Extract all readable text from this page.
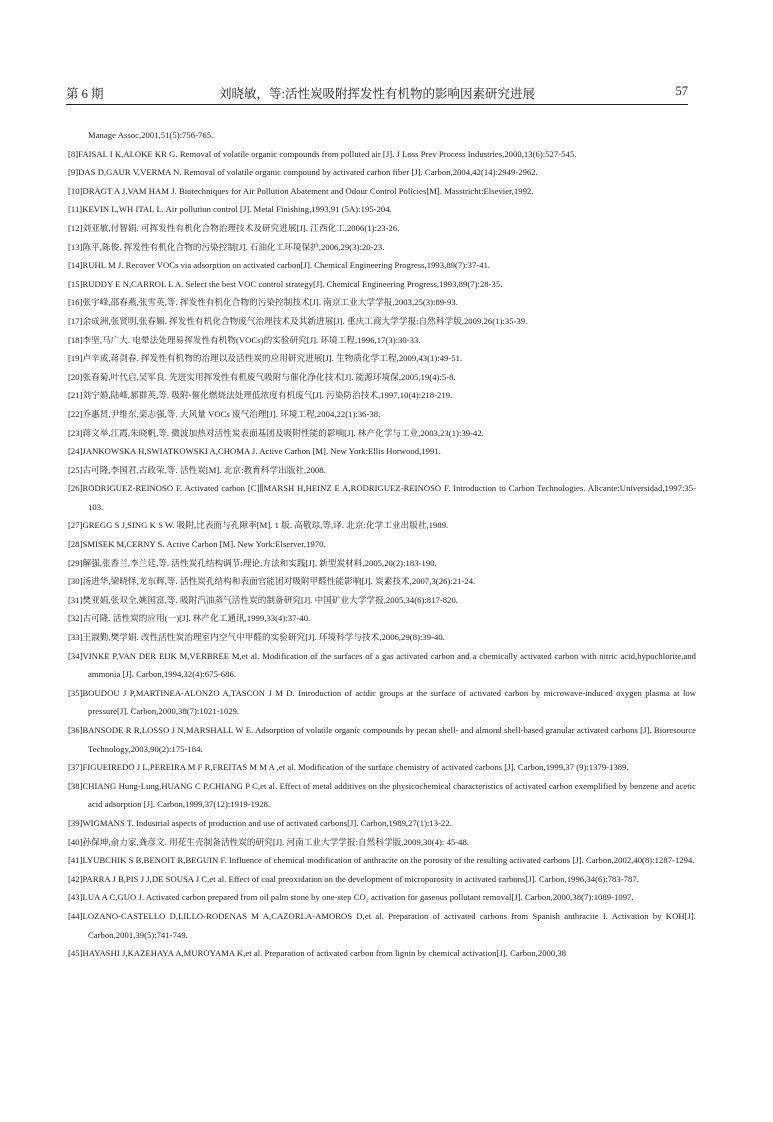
第 6 期	刘晓敏，等:活性炭吸附挥发性有机物的影响因素研究进展	57
Manage Assoc,2001,51(5):756-765.
[8]FAISAL I K,ALOKE KR G. Removal of volatile organic compounds from polluted air [J]. J Loss Prev Process Industries,2000,13(6):527-545.
[9]DAS D,GAUR V,VERMA N. Removal of volatile organic compound by activated carbon fiber [J]. Carbon,2004,42(14):2949-2962.
[10]DRAGT A J,VAM HAM J. Biotechniques for Air Pollution Abatement and Odour Control Policies[M]. Masstricht:Elsevier,1992.
[11]KEVIN L,WH ITAL L. Air pollution control [J]. Metal Finishing,1993,91 (5A):195-204.
[12]刘亚敏,付智娟. 可挥发性有机化合物治理技术及研究进展[J]. 江西化工,2006(1):23-26.
[13]陈平,陈俊. 挥发性有机化合物的污染控制[J]. 石油化工环境保护,2006,29(3):20-23.
[14]RUHL M J. Recover VOCs via adsorption on activated carbon[J]. Chemical Engineering Progress,1993,89(7):37-41.
[15]RUDDY E N,CARROL L A. Select the best VOC control strategy[J]. Chemical Engineering Progress,1993,89(7):28-35.
[16]张宇峰,邵春燕,张雪英,等. 挥发性有机化合物的污染控制技术[J]. 南京工业大学学报,2003,25(3):89-93.
[17]余成洲,张贤明,张春媚. 挥发性有机化合物废气治理技术及其新进展[J]. 重庆工商大学学报:自然科学版,2009,26(1):35-39.
[18]李坚,马广大. 电晕法处理易挥发性有机物(VOCs)的实验研究[J]. 环境工程,1996,17(3):30-33.
[19]卢辛成,蒋剑春. 挥发性有机物的治理以及活性炭的应用研究进展[J]. 生物质化学工程,2009,43(1):49-51.
[20]张春菊,叶代启,吴军良. 先进实用挥发性有机废气吸附与催化净化技术[J]. 能源环境保,2005,19(4):5-8.
[21]刘宁婚,陆峰,郝群英,等. 吸附-催化燃烧法处理低浓度有机废气[J]. 污染防治技术,1997,10(4):218-219.
[22]乔惠贤,尹维东,栾志强,等. 大风量 VOCs 废气治理[J]. 环境工程,2004,22(1):36-38.
[23]蒋文举,江霞,朱晓帆,等. 微波加热对活性炭表面基团及吸附性能的影响[J]. 林产化学与工业,2003,23(1):39-42.
[24]JANKOWSKA H,SWIATKOWSKI A,CHOMA J. Active Carbon [M]. New York:Ellis Horwood,1991.
[25]古可隆,李国君,古政荣,等. 活性炭[M]. 北京:教育科学出版社,2008.
[26]RODRIGUEZ-REINOSO F. Activated carbon [C]∥MARSH H,HEINZ E A,RODRIGUEZ-REINOSO F. Introduction to Carbon Technologies. Alicante:Universidad,1997:35-103.
[27]GREGG S J,SING K S W. 吸附,比表面与孔隙率[M]. 1 版. 高敬琮,等,译. 北京:化学工业出版社,1989.
[28]SMISEK M,CERNY S. Active Carbon [M]. New York:Elserver,1970.
[29]解强,张香兰,李兰廷,等. 活性炭孔结构调节:理论,方法和实践[J]. 新型炭材料,2005,20(2):183-190.
[30]汤进华,梁晓怿,龙东辉,等. 活性炭孔结构和表面官能团对吸附甲醛性能影响[J]. 炭素技术,2007,3(26):21-24.
[31]樊亚娟,张双全,姚国富,等. 吸附汽油蒸气活性炭的制备研究[J]. 中国矿业大学学报,2005,34(6):817-820.
[32]古可隆. 活性炭的应用(一)[J]. 林产化工通讯,1999,33(4):37-40.
[33]王淑勤,樊学娟. 改性活性炭治理室内空气中甲醛的实验研究[J]. 环境科学与技术,2006,29(8):39-40.
[34]VINKE P,VAN DER EIJK M,VERBREE M,et al. Modification of the surfaces of a gas activated carbon and a chemically activated carbon with nitric acid,hypochlorite,and ammonia [J]. Carbon,1994,32(4):675-686.
[35]BOUDOU J P,MARTINEA-ALONZO A,TASCON J M D. Introduction of acidic groups at the surface of activated carbon by microwave-induced oxygen plasma at low pressure[J]. Carbon,2000,38(7):1021-1029.
[36]BANSODE R R,LOSSO J N,MARSHALL W E. Adsorption of volatile organic compounds by pecan shell- and almond shell-based granular activated carbons [J]. Bioresource Technology,2003,90(2):175-184.
[37]FIGUEIREDO J L,PEREIRA M F R,FREITAS M M A ,et al. Modification of the surface chemistry of activated carbons [J]. Carbon,1999,37 (9):1379-1389.
[38]CHIANG Hung-Lung,HUANG C P,CHIANG P C,et al. Effect of metal additives on the physicochemical characteristics of activated carbon exemplified by benzene and acetic acid adsorption [J]. Carbon,1999,37(12):1919-1928.
[39]WIGMANS T. Industrial aspects of production and use of activated carbons[J]. Carbon,1989,27(1):13-22.
[40]孙保坤,俞力家,龚彦文. 用花生壳制备活性炭的研究[J]. 河南工业大学学报:自然科学版,2009,30(4): 45-48.
[41]LYUBCHIK S B,BENOIT R,BEGUIN F. Influence of chemical modification of anthracite on the porosity of the resulting activated carbons [J]. Carbon,2002,40(8):1287-1294.
[42]PARRA J B,PIS J J,DE SOUSA J C,et al. Effect of coal preoxidation on the development of microporosity in activated carbons[J]. Carbon,1996,34(6):783-787.
[43]LUA A C,GUO J. Activated carbon prepared from oil palm stone by one-step CO₂ activation for gaseous pollutant removal[J]. Carbon,2000,38(7):1089-1097.
[44]LOZANO-CASTELLO D,LILLO-RODENAS M A,CAZORLA-AMOROS D,et al. Preparation of activated carbons from Spanish anthracite I. Activation by KOH[J]. Carbon,2001,39(5):741-749.
[45]HAYASHI J,KAZEHAYA A,MUROYAMA K,et al. Preparation of activated carbon from lignin by chemical activation[J]. Carbon,2000,38
